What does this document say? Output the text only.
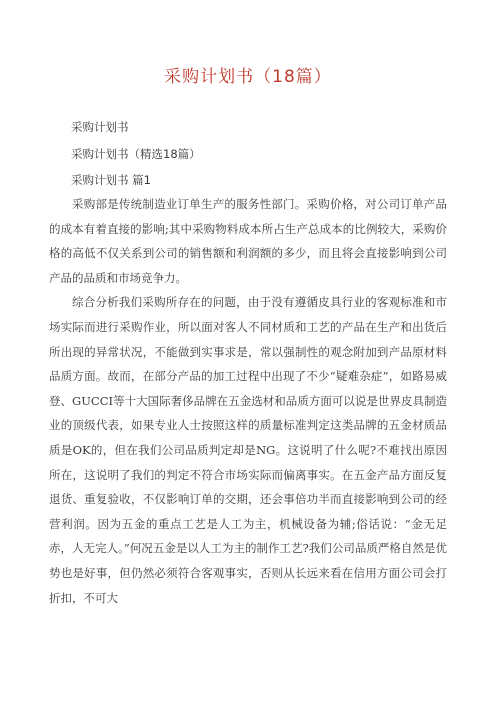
采购计划书（18篇）
采购计划书
采购计划书（精选18篇）
采购计划书 篇1

采购部是传统制造业订单生产的服务性部门。采购价格，对公司订单产品的成本有着直接的影响;其中采购物料成本所占生产总成本的比例较大，采购价格的高低不仅关系到公司的销售额和利润额的多少，而且将会直接影响到公司产品的品质和市场竞争力。

综合分析我们采购所存在的问题，由于没有遵循皮具行业的客观标准和市场实际而进行采购作业，所以面对客人不同材质和工艺的产品在生产和出货后所出现的异常状况，不能做到实事求是，常以强制性的观念附加到产品原材料品质方面。故而，在部分产品的加工过程中出现了不少“疑难杂症”，如路易威登、GUCCI等十大国际奢侈品牌在五金选材和品质方面可以说是世界皮具制造业的顶级代表，如果专业人士按照这样的质量标准判定这类品牌的五金材质品质是OK的，但在我们公司品质判定却是NG。这说明了什么呢?不难找出原因所在，这说明了我们的判定不符合市场实际而偏离事实。在五金产品方面反复退货、重复验收，不仅影响订单的交期，还会事倍功半而直接影响到公司的经营利润。因为五金的重点工艺是人工为主，机械设备为辅;俗话说：“金无足赤，人无完人。”何况五金是以人工为主的制作工艺?我们公司品质严格自然是优势也是好事，但仍然必须符合客观事实，否则从长远来看在信用方面公司会打折扣，不可大
